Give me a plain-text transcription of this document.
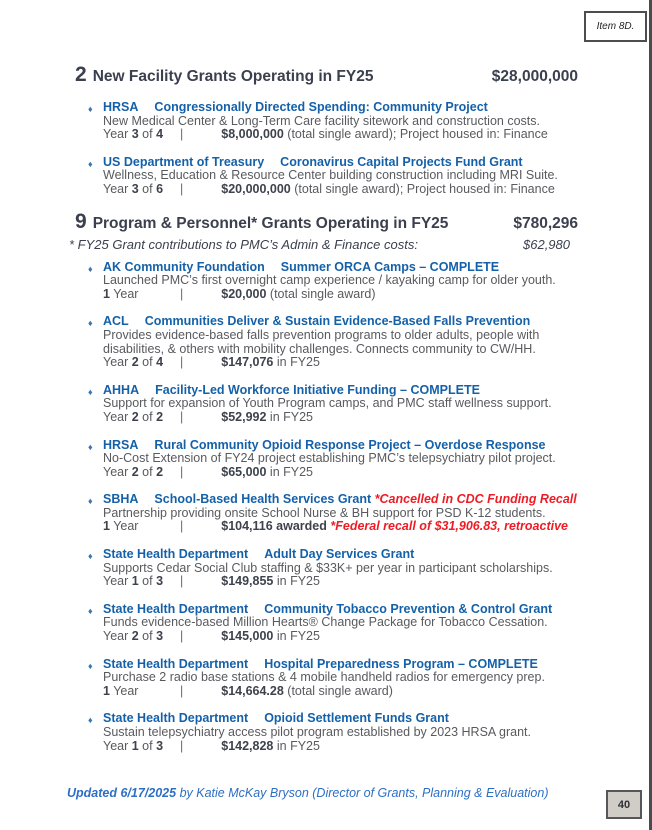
Item 8D.
2 New Facility Grants Operating in FY25	$28,000,000
♦ HRSA Congressionally Directed Spending: Community Project
New Medical Center & Long-Term Care facility sitework and construction costs.
Year 3 of 4 |	$8,000,000 (total single award); Project housed in: Finance
♦ US Department of Treasury Coronavirus Capital Projects Fund Grant
Wellness, Education & Resource Center building construction including MRI Suite.
Year 3 of 6 |	$20,000,000 (total single award); Project housed in: Finance
9 Program & Personnel* Grants Operating in FY25	$780,296
* FY25 Grant contributions to PMC’s Admin & Finance costs:	$62,980
♦ AK Community Foundation Summer ORCA Camps – COMPLETE
Launched PMC’s first overnight camp experience / kayaking camp for older youth.
1 Year	|	$20,000 (total single award)
♦ ACL Communities Deliver & Sustain Evidence-Based Falls Prevention
Provides evidence-based falls prevention programs to older adults, people with disabilities, & others with mobility challenges. Connects community to CW/HH.
Year 2 of 4 |	$147,076 in FY25
♦ AHHA Facility-Led Workforce Initiative Funding – COMPLETE
Support for expansion of Youth Program camps, and PMC staff wellness support.
Year 2 of 2 |	$52,992 in FY25
♦ HRSA Rural Community Opioid Response Project – Overdose Response
No-Cost Extension of FY24 project establishing PMC’s telepsychiatry pilot project.
Year 2 of 2 |	$65,000 in FY25
♦ SBHA School-Based Health Services Grant *Cancelled in CDC Funding Recall
Partnership providing onsite School Nurse & BH support for PSD K-12 students.
1 Year	|	$104,116 awarded *Federal recall of $31,906.83, retroactive
♦ State Health Department Adult Day Services Grant
Supports Cedar Social Club staffing & $33K+ per year in participant scholarships.
Year 1 of 3 |	$149,855 in FY25
♦ State Health Department Community Tobacco Prevention & Control Grant
Funds evidence-based Million Hearts® Change Package for Tobacco Cessation.
Year 2 of 3 |	$145,000 in FY25
♦ State Health Department Hospital Preparedness Program – COMPLETE
Purchase 2 radio base stations & 4 mobile handheld radios for emergency prep.
1 Year	|	$14,664.28 (total single award)
♦ State Health Department Opioid Settlement Funds Grant
Sustain telepsychiatry access pilot program established by 2023 HRSA grant.
Year 1 of 3 |	$142,828 in FY25
Updated 6/17/2025 by Katie McKay Bryson (Director of Grants, Planning & Evaluation)
40
